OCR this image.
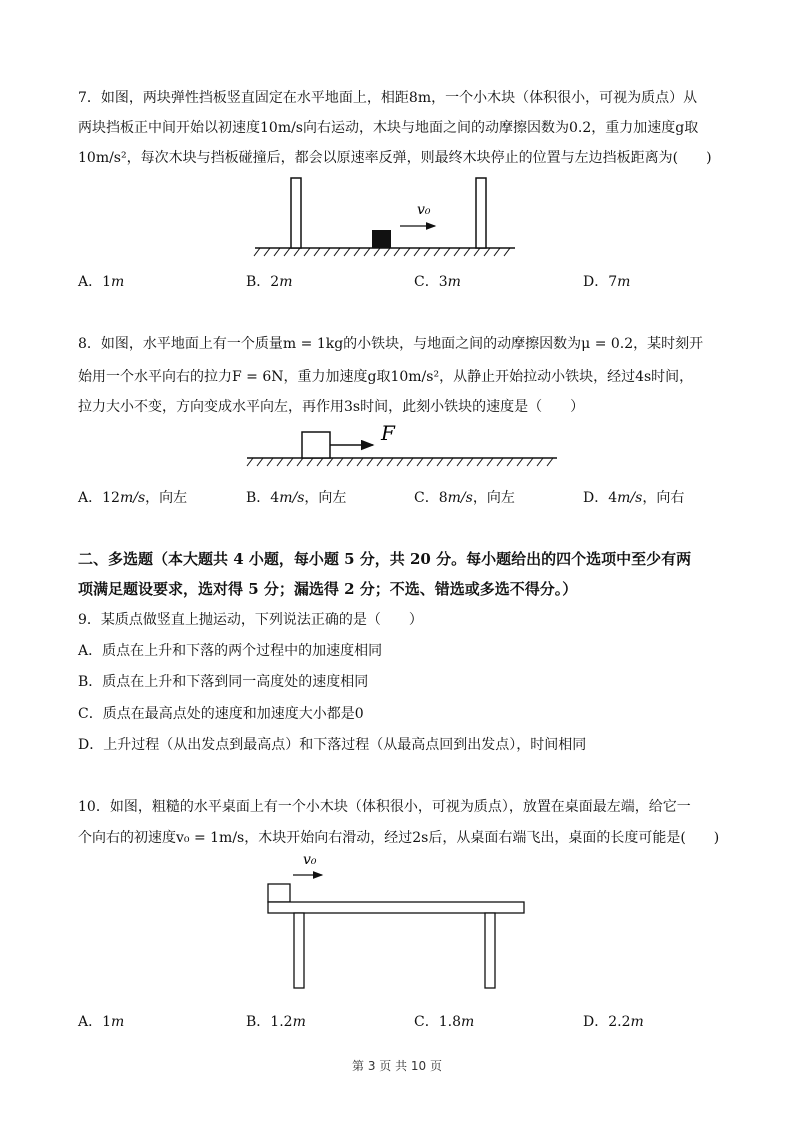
7．如图，两块弹性挡板竖直固定在水平地面上，相距8m，一个小木块（体积很小，可视为质点）从
两块挡板正中间开始以初速度10m/s向右运动，木块与地面之间的动摩擦因数为0.2，重力加速度g取
10m/s²，每次木块与挡板碰撞后，都会以原速率反弹，则最终木块停止的位置与左边挡板距离为(　　)
v₀
A．1m	B．2m	C．3m	D．7m
8．如图，水平地面上有一个质量m = 1kg的小铁块，与地面之间的动摩擦因数为μ = 0.2，某时刻开
始用一个水平向右的拉力F = 6N，重力加速度g取10m/s²，从静止开始拉动小铁块，经过4s时间，
拉力大小不变，方向变成水平向左，再作用3s时间，此刻小铁块的速度是（　　）
F
A．12m/s，向左	B．4m/s，向左	C．8m/s，向左	D．4m/s，向右
二、多选题（本大题共 4 小题，每小题 5 分，共 20 分。每小题给出的四个选项中至少有两
项满足题设要求，选对得 5 分；漏选得 2 分；不选、错选或多选不得分。）
9．某质点做竖直上抛运动，下列说法正确的是（　　）
A．质点在上升和下落的两个过程中的加速度相同
B．质点在上升和下落到同一高度处的速度相同
C．质点在最高点处的速度和加速度大小都是0
D．上升过程（从出发点到最高点）和下落过程（从最高点回到出发点），时间相同
10．如图，粗糙的水平桌面上有一个小木块（体积很小，可视为质点），放置在桌面最左端，给它一
个向右的初速度v₀ = 1m/s，木块开始向右滑动，经过2s后，从桌面右端飞出，桌面的长度可能是(　　)
v₀
A．1m	B．1.2m	C．1.8m	D．2.2m
第 3 页 共 10 页
